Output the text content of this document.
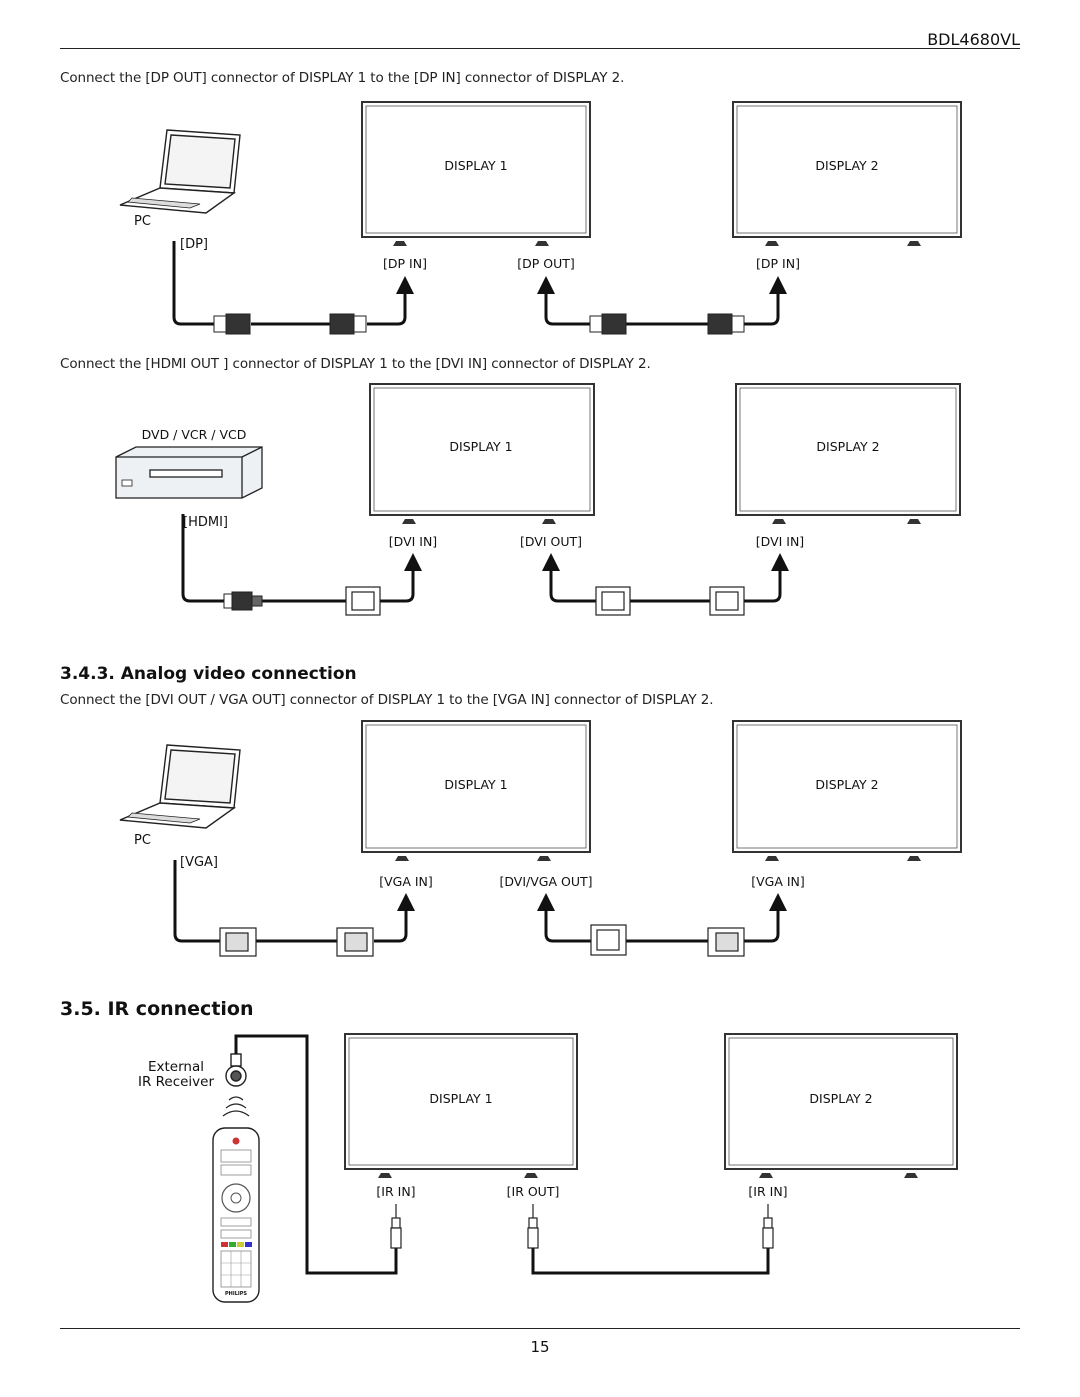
BDL4680VL
Connect the [DP OUT] connector of DISPLAY 1 to the [DP IN] connector of DISPLAY 2.
PC
[DP]
DISPLAY 1	DISPLAY 2
[DP IN]	[DP OUT]	[DP IN]
Connect the [HDMI OUT ] connector of DISPLAY 1 to the [DVI IN] connector of DISPLAY 2.
DVD / VCR / VCD
[HDMI]
DISPLAY 1	DISPLAY 2
[DVI IN]	[DVI OUT]	[DVI IN]
3.4.3. Analog video connection
Connect the [DVI OUT / VGA OUT] connector of DISPLAY 1 to the [VGA IN] connector of DISPLAY 2.
PC
[VGA]
DISPLAY 1	DISPLAY 2
[VGA IN]	[DVI/VGA OUT]	[VGA IN]
3.5. IR connection
External
IR Receiver
PHILIPS
DISPLAY 1	DISPLAY 2
[IR IN]	[IR OUT]	[IR IN]
15
